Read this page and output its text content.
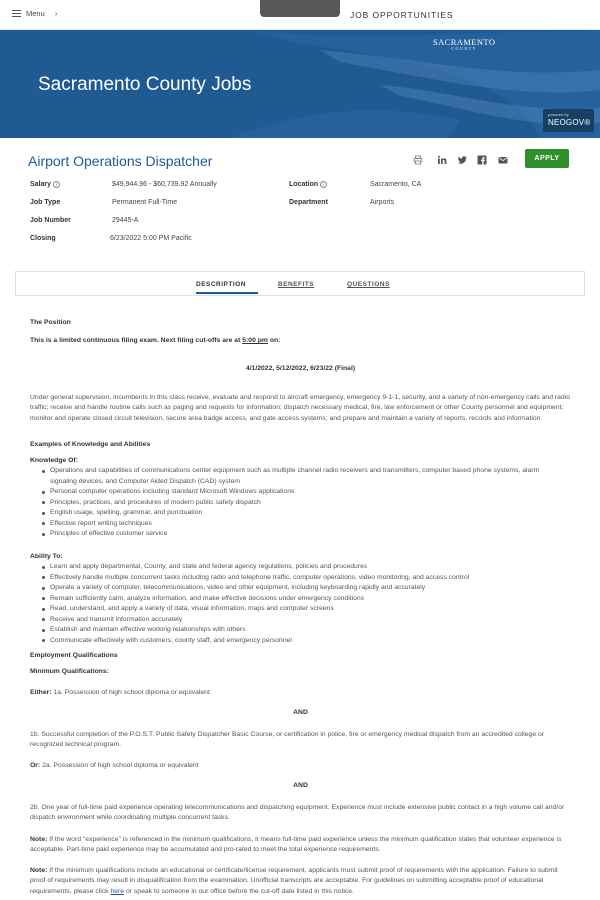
Menu ›	JOB OPPORTUNITIES
SACRAMENTO
COUNTY
Sacramento County Jobs
powered by
NEOGOV®
Airport Operations Dispatcher	APPLY
Salary i	$49,944.96 - $60,739.92 Annually	Location i	Sacramento, CA
Job Type	Permanent Full-Time	Department	Airports
Job Number	29445-A
Closing	6/23/2022 5:00 PM Pacific
DESCRIPTION	BENEFITS	QUESTIONS
The Position
This is a limited continuous filing exam. Next filing cut-offs are at 5:00 pm on:
4/1/2022, 5/12/2022, 6/23/22 (Final)
Under general supervision, incumbents in this class receive, evaluate and respond to aircraft emergency, emergency 9-1-1, security, and a variety of non-emergency calls and radio traffic; receive and handle routine calls such as paging and requests for information; dispatch necessary medical, fire, law enforcement or other County personnel and equipment; monitor and operate closed circuit television, secure area badge access, and gate access systems; and prepare and maintain a variety of reports, records and information.
Examples of Knowledge and Abilities
Knowledge Of:
Operations and capabilities of communications center equipment such as multiple channel radio receivers and transmitters, computer based phone systems, alarm signaling devices, and Computer Aided Dispatch (CAD) system
Personal computer operations including standard Microsoft Windows applications
Principles, practices, and procedures of modern public safety dispatch
English usage, spelling, grammar, and punctuation
Effective report writing techniques
Principles of effective customer service
Ability To:
Learn and apply departmental, County, and state and federal agency regulations, policies and procedures
Effectively handle multiple concurrent tasks including radio and telephone traffic, computer operations, video monitoring, and access control
Operate a variety of computer, telecommunications, video and other equipment, including keyboarding rapidly and accurately
Remain sufficiently calm, analyze information, and make effective decisions under emergency conditions
Read, understand, and apply a variety of data, visual information, maps and computer screens
Receive and transmit information accurately
Establish and maintain effective working relationships with others
Communicate effectively with customers, county staff, and emergency personnel
Employment Qualifications
Minimum Qualifications:
Either: 1a. Possession of high school diploma or equivalent
AND
1b. Successful completion of the P.O.S.T. Public Safety Dispatcher Basic Course, or certification in police, fire or emergency medical dispatch from an accredited college or recognized technical program.
Or: 2a. Possession of high school diploma or equivalent
AND
2b. One year of full-time paid experience operating telecommunications and dispatching equipment. Experience must include extensive public contact in a high volume call and/or dispatch environment while coordinating multiple concurrent tasks.
Note: If the word "experience" is referenced in the minimum qualifications, it means full-time paid experience unless the minimum qualification states that volunteer experience is acceptable. Part-time paid experience may be accumulated and pro-rated to meet the total experience requirements.
Note: If the minimum qualifications include an educational or certificate/license requirement, applicants must submit proof of requirements with the application. Failure to submit proof of requirements may result in disqualification from the examination. Unofficial transcripts are acceptable. For guidelines on submitting acceptable proof of educational requirements, please click here or speak to someone in our office before the cut-off date listed in this notice.
